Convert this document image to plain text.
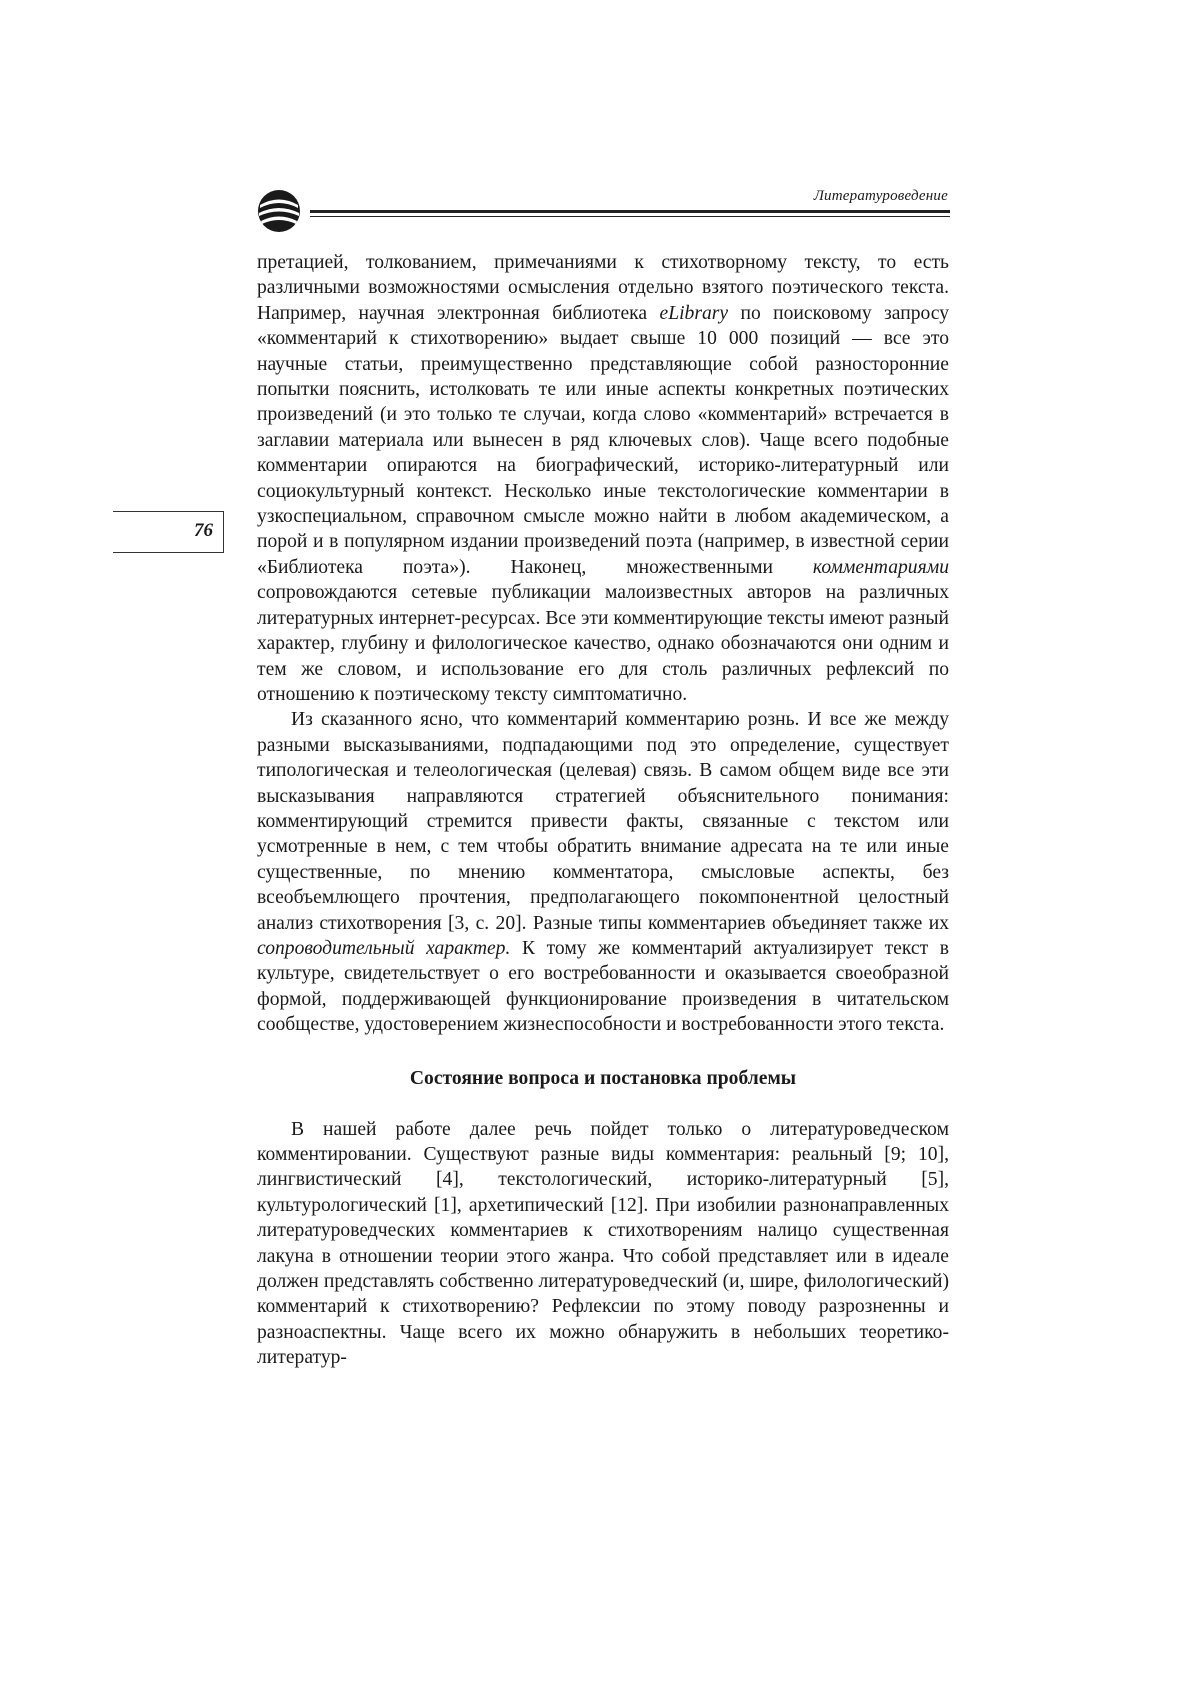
Литературоведение
76

претацией, толкованием, примечаниями к стихотворному тексту, то есть различными возможностями осмысления отдельно взятого поэтического текста. Например, научная электронная библиотека eLibrary по поисковому запросу «комментарий к стихотворению» выдает свыше 10 000 позиций — все это научные статьи, преимущественно представляющие собой разносторонние попытки пояснить, истолковать те или иные аспекты конкретных поэтических произведений (и это только те случаи, когда слово «комментарий» встречается в заглавии материала или вынесен в ряд ключевых слов). Чаще всего подобные комментарии опираются на биографический, историко-литературный или социокультурный контекст. Несколько иные текстологические комментарии в узкоспециальном, справочном смысле можно найти в любом академическом, а порой и в популярном издании произведений поэта (например, в известной серии «Библиотека поэта»). Наконец, множественными комментариями сопровождаются сетевые публикации малоизвестных авторов на различных литературных интернет-ресурсах. Все эти комментирующие тексты имеют разный характер, глубину и филологическое качество, однако обозначаются они одним и тем же словом, и использование его для столь различных рефлексий по отношению к поэтическому тексту симптоматично.

Из сказанного ясно, что комментарий комментарию рознь. И все же между разными высказываниями, подпадающими под это определение, существует типологическая и телеологическая (целевая) связь. В самом общем виде все эти высказывания направляются стратегией объяснительного понимания: комментирующий стремится привести факты, связанные с текстом или усмотренные в нем, с тем чтобы обратить внимание адресата на те или иные существенные, по мнению комментатора, смысловые аспекты, без всеобъемлющего прочтения, предполагающего покомпонентной целостный анализ стихотворения [3, с. 20]. Разные типы комментариев объединяет также их сопроводительный характер. К тому же комментарий актуализирует текст в культуре, свидетельствует о его востребованности и оказывается своеобразной формой, поддерживающей функционирование произведения в читательском сообществе, удостоверением жизнеспособности и востребованности этого текста.

Состояние вопроса и постановка проблемы

В нашей работе далее речь пойдет только о литературоведческом комментировании. Существуют разные виды комментария: реальный [9; 10], лингвистический [4], текстологический, историко-литературный [5], культурологический [1], архетипический [12]. При изобилии разнонаправленных литературоведческих комментариев к стихотворениям налицо существенная лакуна в отношении теории этого жанра. Что собой представляет или в идеале должен представлять собственно литературоведческий (и, шире, филологический) комментарий к стихотворению? Рефлексии по этому поводу разрозненны и разноаспектны. Чаще всего их можно обнаружить в небольших теоретико-литератур-
